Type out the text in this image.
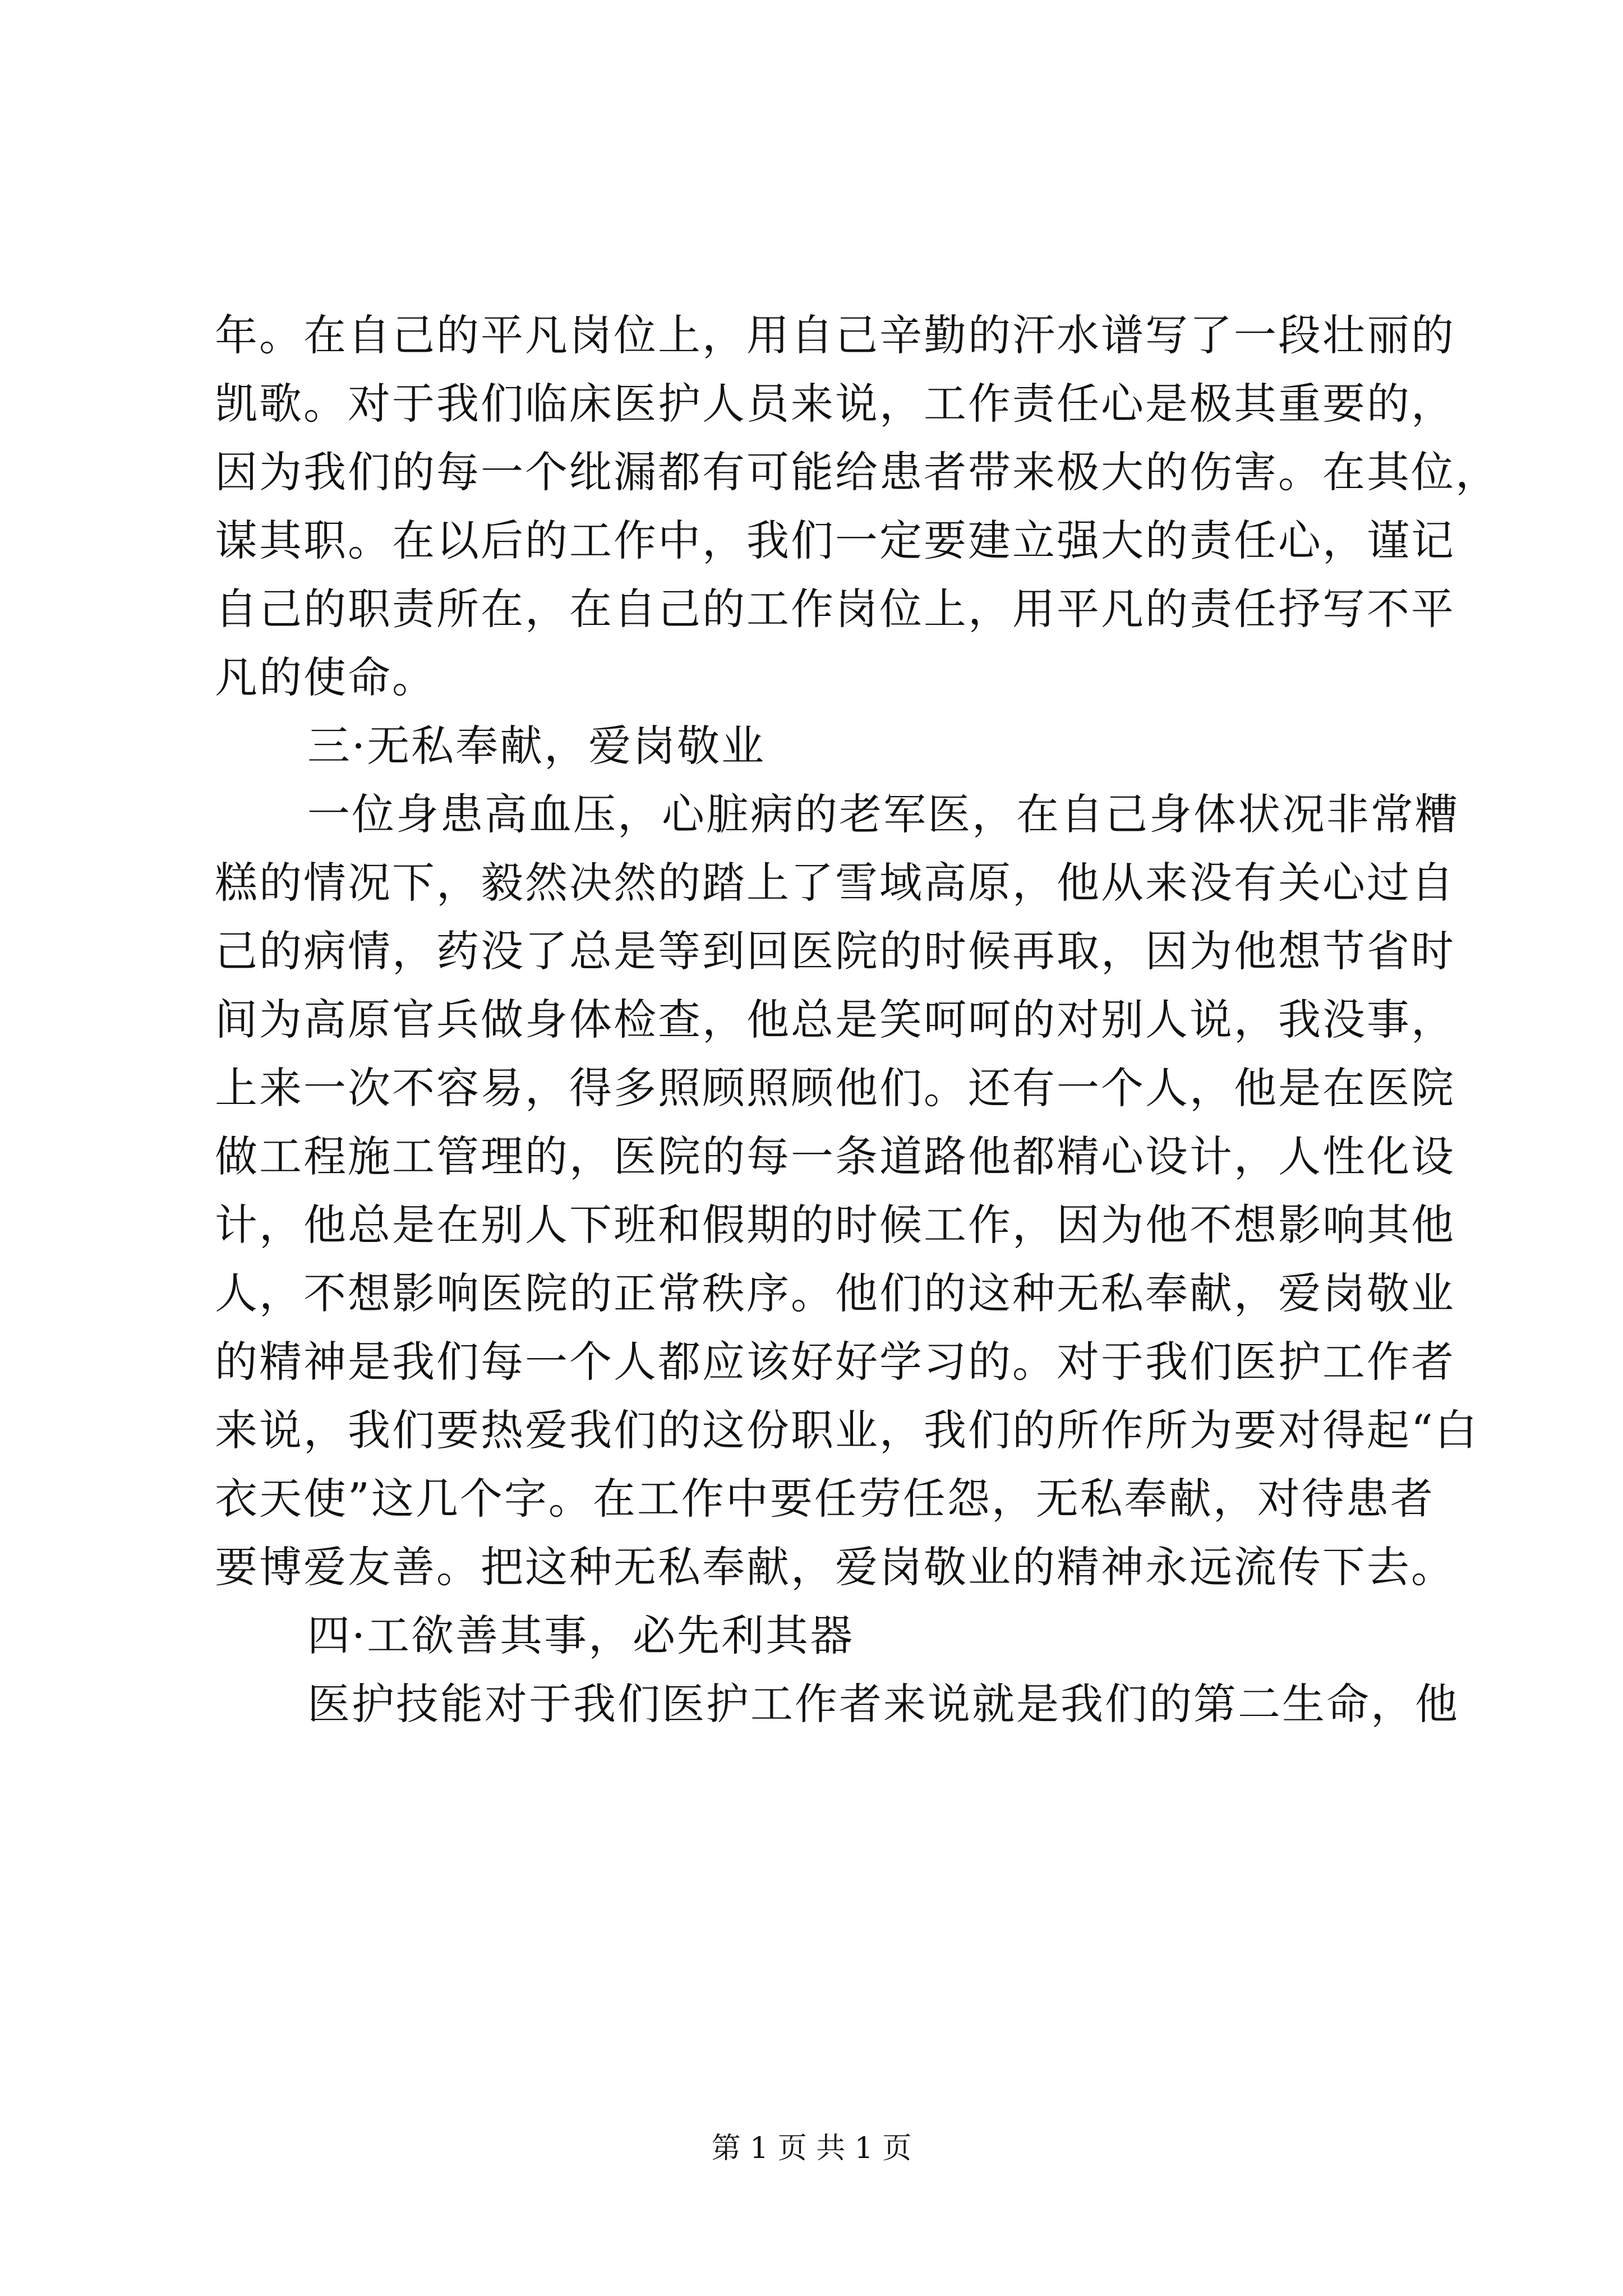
年。在自己的平凡岗位上，用自己辛勤的汗水谱写了一段壮丽的

凯歌。对于我们临床医护人员来说，工作责任心是极其重要的，

因为我们的每一个纰漏都有可能给患者带来极大的伤害。在其位，

谋其职。在以后的工作中，我们一定要建立强大的责任心，谨记

自己的职责所在，在自己的工作岗位上，用平凡的责任抒写不平

凡的使命。

三·无私奉献，爱岗敬业

一位身患高血压，心脏病的老军医，在自己身体状况非常糟

糕的情况下，毅然决然的踏上了雪域高原，他从来没有关心过自

己的病情，药没了总是等到回医院的时候再取，因为他想节省时

间为高原官兵做身体检查，他总是笑呵呵的对别人说，我没事，

上来一次不容易，得多照顾照顾他们。还有一个人，他是在医院

做工程施工管理的，医院的每一条道路他都精心设计，人性化设

计，他总是在别人下班和假期的时候工作，因为他不想影响其他

人，不想影响医院的正常秩序。他们的这种无私奉献，爱岗敬业

的精神是我们每一个人都应该好好学习的。对于我们医护工作者

来说，我们要热爱我们的这份职业，我们的所作所为要对得起“白

衣天使”这几个字。在工作中要任劳任怨，无私奉献，对待患者

要博爱友善。把这种无私奉献，爱岗敬业的精神永远流传下去。

四·工欲善其事，必先利其器

医护技能对于我们医护工作者来说就是我们的第二生命，他

第 1 页 共 1 页
